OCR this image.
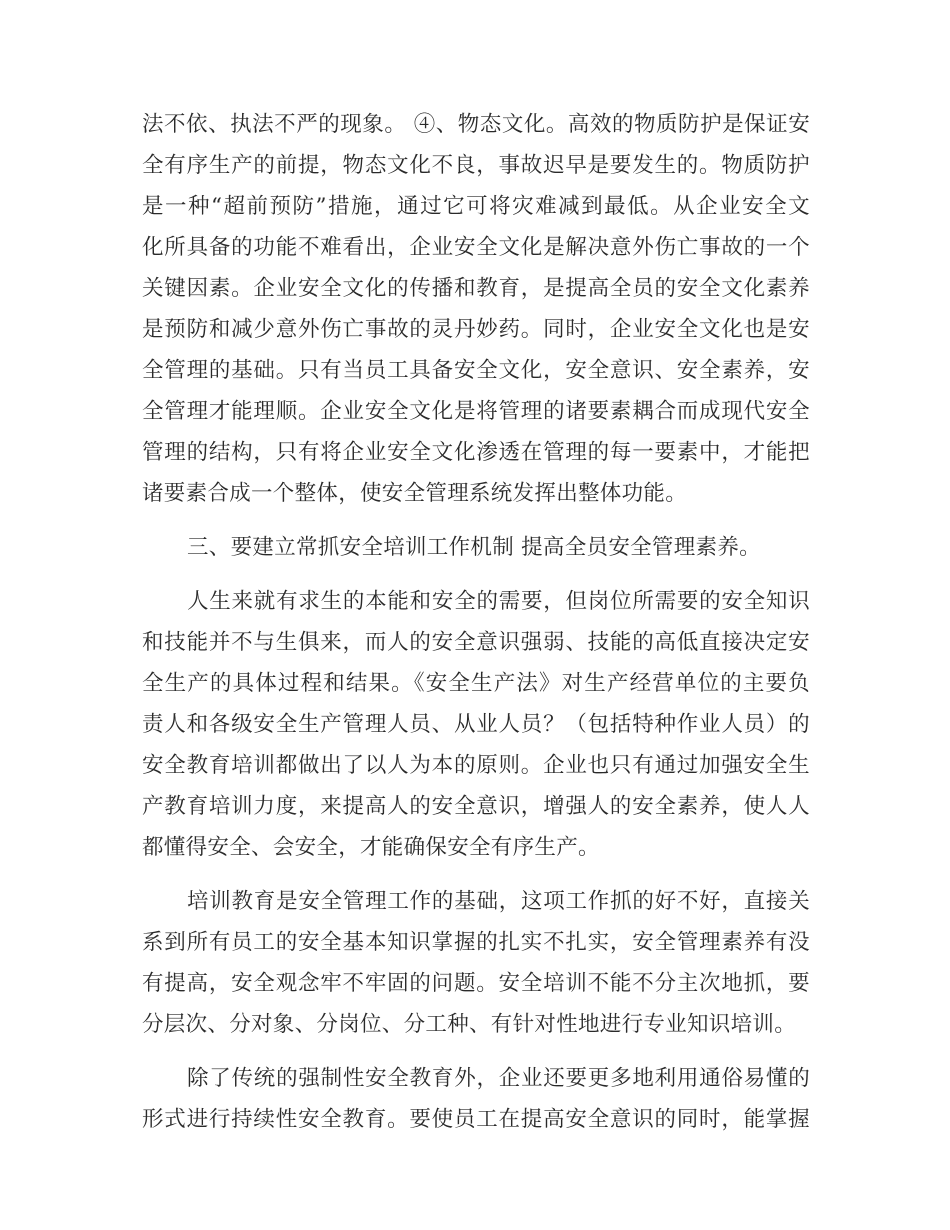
法不依、执法不严的现象。 ④、物态文化。高效的物质防护是保证安
全有序生产的前提，物态文化不良，事故迟早是要发生的。物质防护
是一种“超前预防”措施，通过它可将灾难减到最低。从企业安全文
化所具备的功能不难看出，企业安全文化是解决意外伤亡事故的一个
关键因素。企业安全文化的传播和教育，是提高全员的安全文化素养
是预防和减少意外伤亡事故的灵丹妙药。同时，企业安全文化也是安
全管理的基础。只有当员工具备安全文化，安全意识、安全素养，安
全管理才能理顺。企业安全文化是将管理的诸要素耦合而成现代安全
管理的结构，只有将企业安全文化渗透在管理的每一要素中，才能把
诸要素合成一个整体，使安全管理系统发挥出整体功能。
三、要建立常抓安全培训工作机制 提高全员安全管理素养。
人生来就有求生的本能和安全的需要，但岗位所需要的安全知识
和技能并不与生俱来，而人的安全意识强弱、技能的高低直接决定安
全生产的具体过程和结果。《安全生产法》对生产经营单位的主要负
责人和各级安全生产管理人员、从业人员？（包括特种作业人员）的
安全教育培训都做出了以人为本的原则。企业也只有通过加强安全生
产教育培训力度，来提高人的安全意识，增强人的安全素养，使人人
都懂得安全、会安全，才能确保安全有序生产。
培训教育是安全管理工作的基础，这项工作抓的好不好，直接关
系到所有员工的安全基本知识掌握的扎实不扎实，安全管理素养有没
有提高，安全观念牢不牢固的问题。安全培训不能不分主次地抓，要
分层次、分对象、分岗位、分工种、有针对性地进行专业知识培训。
除了传统的强制性安全教育外，企业还要更多地利用通俗易懂的
形式进行持续性安全教育。要使员工在提高安全意识的同时，能掌握
